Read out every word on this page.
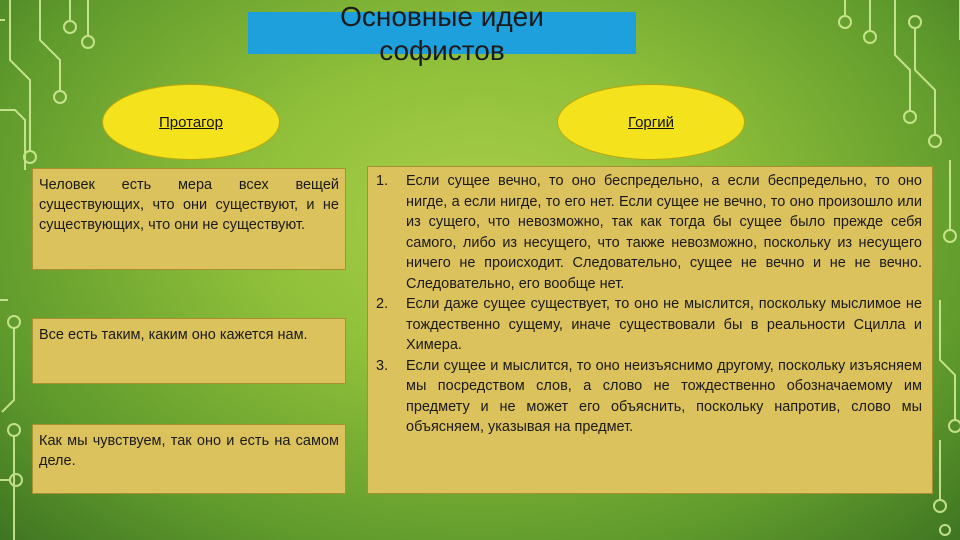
Основные идеи
софистов
Протагор	Горгий
Человек есть мера всех вещей существующих, что они существуют, и не существующих, что они не существуют.
Все есть таким, каким оно кажется нам.
Как мы чувствуем, так оно и есть на самом деле.
1.	Если сущее вечно, то оно беспредельно, а если беспредельно, то оно нигде, а если нигде, то его нет. Если сущее не вечно, то оно произошло или из сущего, что невозможно, так как тогда бы сущее было прежде себя самого, либо из несущего, что также невозможно, поскольку из несущего ничего не происходит. Следовательно, сущее не вечно и не не вечно. Следовательно, его вообще нет.
2.	Если даже сущее существует, то оно не мыслится, поскольку мыслимое не тождественно сущему, иначе существовали бы в реальности Сцилла и Химера.
3.	Если сущее и мыслится, то оно неизъяснимо другому, поскольку изъясняем мы посредством слов, а слово не тождественно обозначаемому им предмету и не может его объяснить, поскольку напротив, слово мы объясняем, указывая на предмет.
